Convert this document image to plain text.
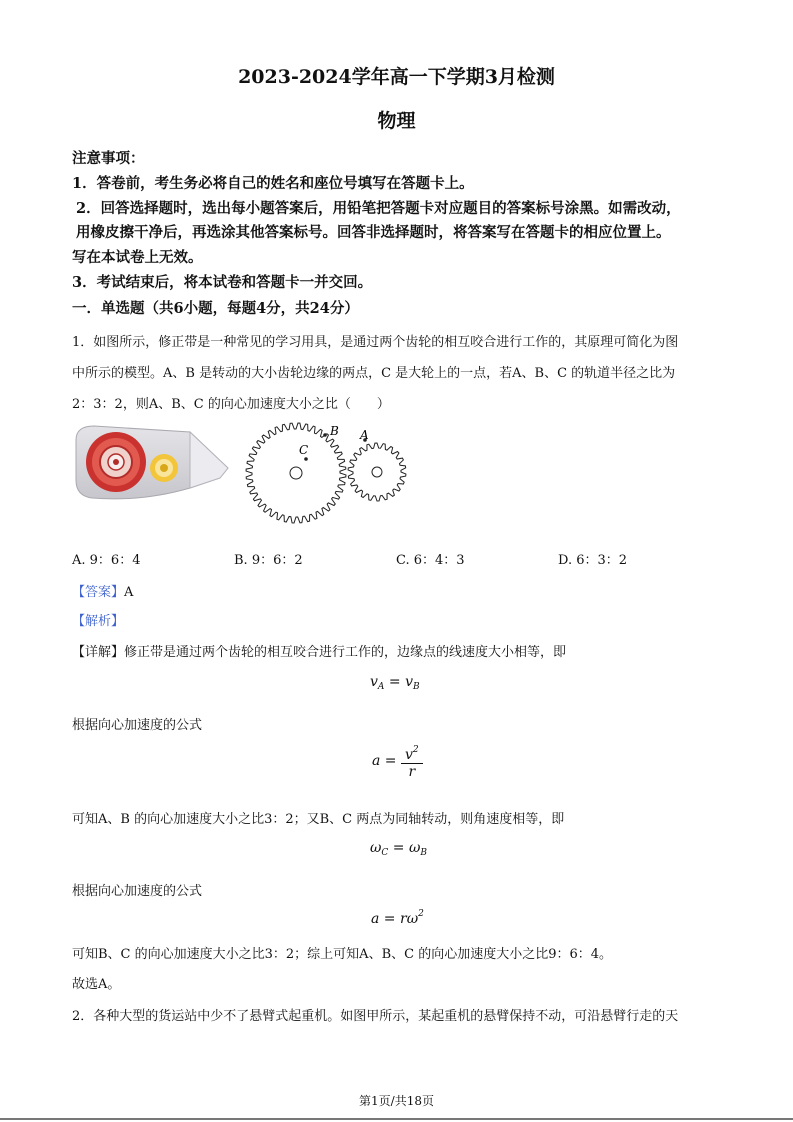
2023-2024学年高一下学期3月检测
物理
注意事项：
1．答卷前，考生务必将自己的姓名和座位号填写在答题卡上。
2．回答选择题时，选出每小题答案后，用铅笔把答题卡对应题目的答案标号涂黑。如需改动，
用橡皮擦干净后，再选涂其他答案标号。回答非选择题时，将答案写在答题卡的相应位置上。
写在本试卷上无效。
3．考试结束后，将本试卷和答题卡一并交回。
一．单选题（共6小题，每题4分，共24分）
1．如图所示，修正带是一种常见的学习用具，是通过两个齿轮的相互咬合进行工作的，其原理可简化为图
中所示的模型。A、B 是转动的大小齿轮边缘的两点，C 是大轮上的一点，若A、B、C 的轨道半径之比为
2：3：2，则A、B、C 的向心加速度大小之比（　　）
C
B A
A. 9：6：4	B. 9：6：2	C. 6：4：3	D. 6：3：2
【答案】A
【解析】
【详解】修正带是通过两个齿轮的相互咬合进行工作的，边缘点的线速度大小相等，即
$v_A = v_B$
根据向心加速度的公式
$a = \frac{v^2}{r}$
可知A、B 的向心加速度大小之比3：2；又B、C 两点为同轴转动，则角速度相等，即
$\omega_C = \omega_B$
根据向心加速度的公式
$a = r\omega^2$
可知B、C 的向心加速度大小之比3：2；综上可知A、B、C 的向心加速度大小之比9：6：4。
故选A。
2．各种大型的货运站中少不了悬臂式起重机。如图甲所示，某起重机的悬臂保持不动，可沿悬臂行走的天
第1页/共18页
